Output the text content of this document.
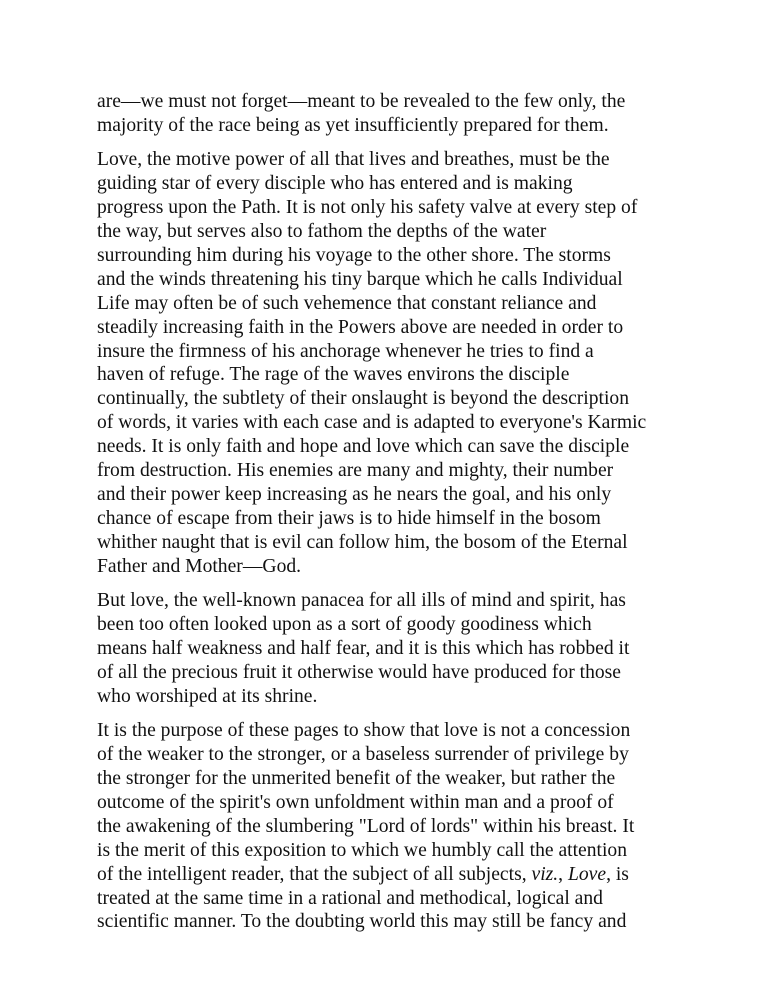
are—we must not forget—meant to be revealed to the few only, the
majority of the race being as yet insufficiently prepared for them.

Love, the motive power of all that lives and breathes, must be the
guiding star of every disciple who has entered and is making
progress upon the Path. It is not only his safety valve at every step of
the way, but serves also to fathom the depths of the water
surrounding him during his voyage to the other shore. The storms
and the winds threatening his tiny barque which he calls Individual
Life may often be of such vehemence that constant reliance and
steadily increasing faith in the Powers above are needed in order to
insure the firmness of his anchorage whenever he tries to find a
haven of refuge. The rage of the waves environs the disciple
continually, the subtlety of their onslaught is beyond the description
of words, it varies with each case and is adapted to everyone's Karmic
needs. It is only faith and hope and love which can save the disciple
from destruction. His enemies are many and mighty, their number
and their power keep increasing as he nears the goal, and his only
chance of escape from their jaws is to hide himself in the bosom
whither naught that is evil can follow him, the bosom of the Eternal
Father and Mother—God.

But love, the well-known panacea for all ills of mind and spirit, has
been too often looked upon as a sort of goody goodiness which
means half weakness and half fear, and it is this which has robbed it
of all the precious fruit it otherwise would have produced for those
who worshiped at its shrine.

It is the purpose of these pages to show that love is not a concession
of the weaker to the stronger, or a baseless surrender of privilege by
the stronger for the unmerited benefit of the weaker, but rather the
outcome of the spirit's own unfoldment within man and a proof of
the awakening of the slumbering "Lord of lords" within his breast. It
is the merit of this exposition to which we humbly call the attention
of the intelligent reader, that the subject of all subjects, viz., Love, is
treated at the same time in a rational and methodical, logical and
scientific manner. To the doubting world this may still be fancy and
